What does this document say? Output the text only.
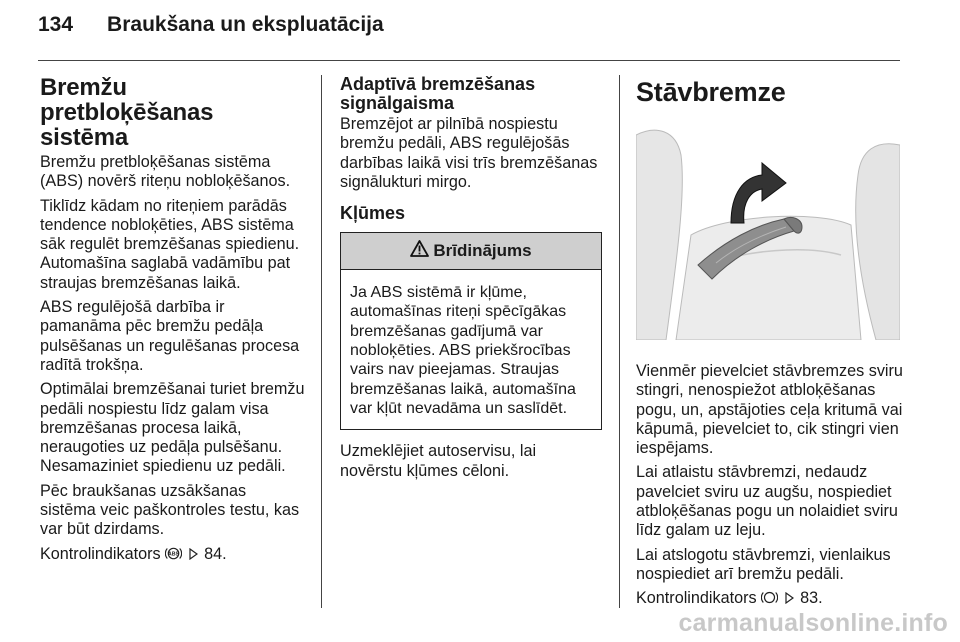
134 Braukšana un ekspluatācija
Bremžu pretbloķēšanas sistēma

Bremžu pretbloķēšanas sistēma (ABS) novērš riteņu nobloķēšanos.

Tiklīdz kādam no riteņiem parādās tendence nobloķēties, ABS sistēma sāk regulēt bremzēšanas spiedienu. Automašīna saglabā vadāmību pat straujas bremzēšanas laikā.

ABS regulējošā darbība ir pamanāma pēc bremžu pedāļa pulsēšanas un regulēšanas procesa radītā trokšņa.

Optimālai bremzēšanai turiet bremžu pedāli nospiestu līdz galam visa bremzēšanas procesa laikā, neraugoties uz pedāļa pulsēšanu. Nesamaziniet spiedienu uz pedāli.

Pēc braukšanas uzsākšanas sistēma veic paškontroles testu, kas var būt dzirdams.

Kontrolindikators ABS 84.

Adaptīvā bremzēšanas signālgaisma

Bremzējot ar pilnībā nospiestu bremžu pedāli, ABS regulējošās darbības laikā visi trīs bremzēšanas signālukturi mirgo.

Kļūmes
Brīdinājums

Ja ABS sistēmā ir kļūme, automašīnas riteņi spēcīgākas bremzēšanas gadījumā var nobloķēties. ABS priekšrocības vairs nav pieejamas. Straujas bremzēšanas laikā, automašīna var kļūt nevadāma un saslīdēt.

Uzmeklējiet autoservisu, lai novērstu kļūmes cēloni.

Stāvbremze

Vienmēr pievelciet stāvbremzes sviru stingri, nenospiežot atbloķēšanas pogu, un, apstājoties ceļa kritumā vai kāpumā, pievelciet to, cik stingri vien iespējams.

Lai atlaistu stāvbremzi, nedaudz pavelciet sviru uz augšu, nospiediet atbloķēšanas pogu un nolaidiet sviru līdz galam uz leju.

Lai atslogotu stāvbremzi, vienlaikus nospiediet arī bremžu pedāli.

Kontrolindikators	83.

carmanualsonline.info
